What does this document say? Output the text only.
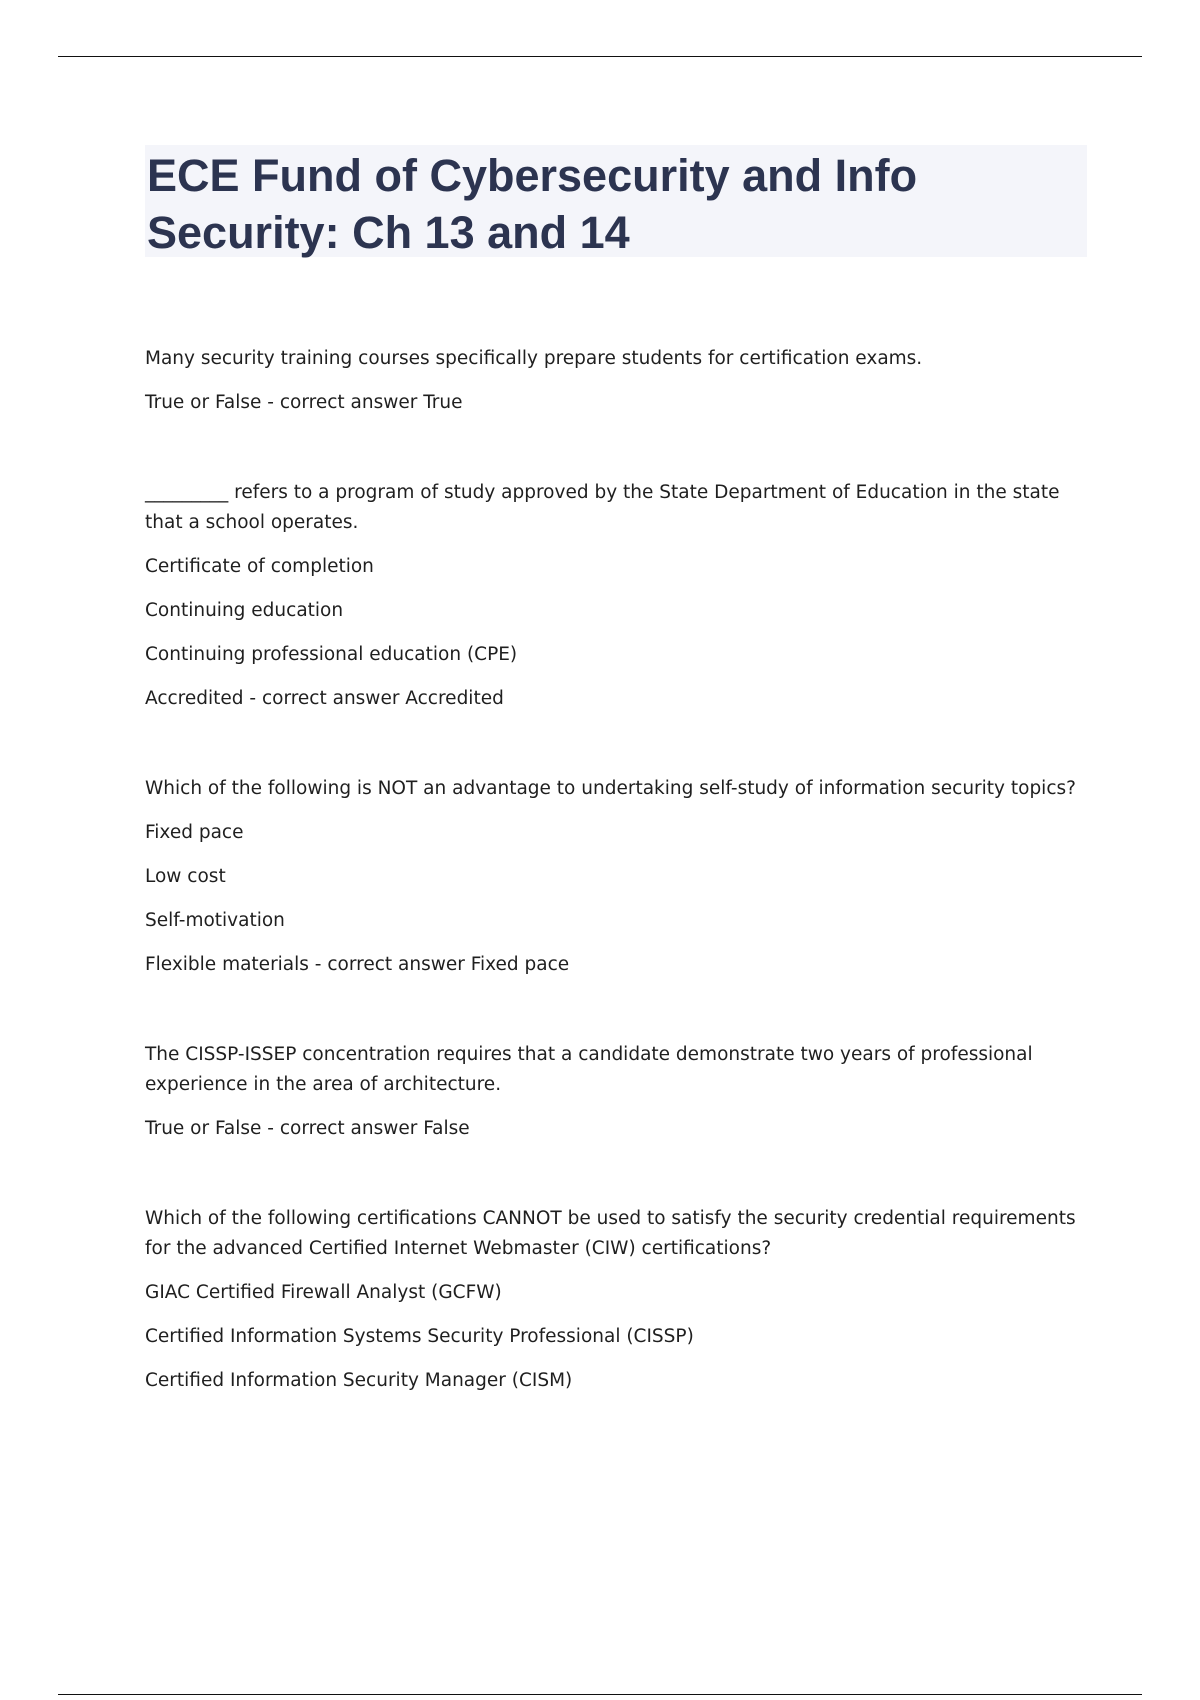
ECE Fund of Cybersecurity and Info Security: Ch 13 and 14

Many security training courses specifically prepare students for certification exams.

True or False - correct answer True

_________ refers to a program of study approved by the State Department of Education in the state that a school operates.

Certificate of completion

Continuing education

Continuing professional education (CPE)

Accredited - correct answer Accredited

Which of the following is NOT an advantage to undertaking self-study of information security topics?

Fixed pace

Low cost

Self-motivation

Flexible materials - correct answer Fixed pace

The CISSP-ISSEP concentration requires that a candidate demonstrate two years of professional experience in the area of architecture.

True or False - correct answer False

Which of the following certifications CANNOT be used to satisfy the security credential requirements for the advanced Certified Internet Webmaster (CIW) certifications?

GIAC Certified Firewall Analyst (GCFW)

Certified Information Systems Security Professional (CISSP)

Certified Information Security Manager (CISM)
